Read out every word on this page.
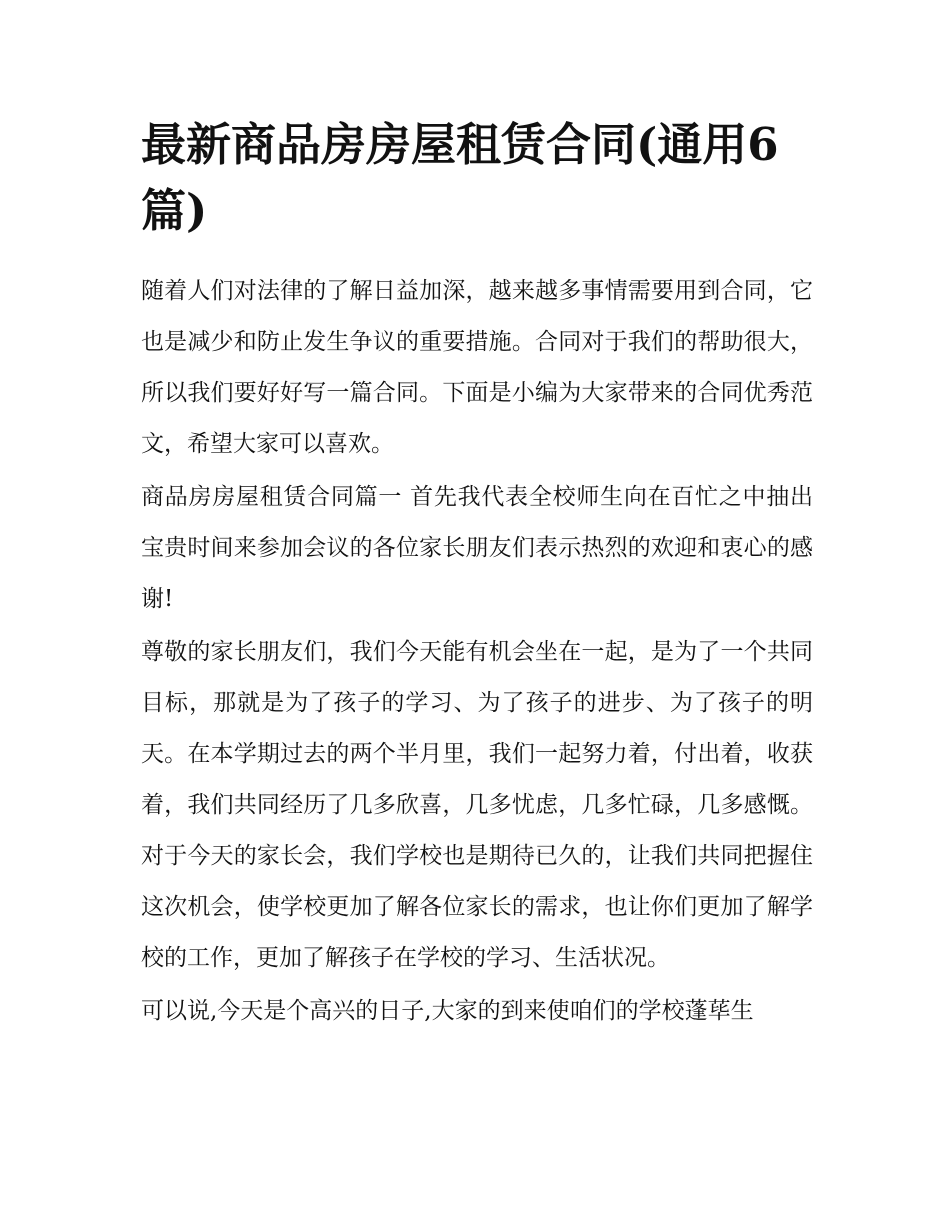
最新商品房房屋租赁合同(通用6篇)

随着人们对法律的了解日益加深，越来越多事情需要用到合同，它也是减少和防止发生争议的重要措施。合同对于我们的帮助很大，所以我们要好好写一篇合同。下面是小编为大家带来的合同优秀范文，希望大家可以喜欢。

商品房房屋租赁合同篇一 首先我代表全校师生向在百忙之中抽出宝贵时间来参加会议的各位家长朋友们表示热烈的欢迎和衷心的感谢!

尊敬的家长朋友们，我们今天能有机会坐在一起，是为了一个共同目标，那就是为了孩子的学习、为了孩子的进步、为了孩子的明天。在本学期过去的两个半月里，我们一起努力着，付出着，收获着，我们共同经历了几多欣喜，几多忧虑，几多忙碌，几多感慨。对于今天的家长会，我们学校也是期待已久的，让我们共同把握住这次机会，使学校更加了解各位家长的需求，也让你们更加了解学校的工作，更加了解孩子在学校的学习、生活状况。

可以说,今天是个高兴的日子,大家的到来使咱们的学校蓬荜生
